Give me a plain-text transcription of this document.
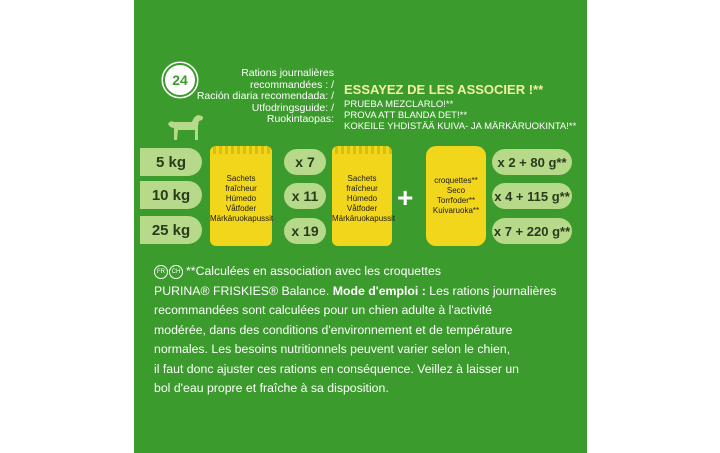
24	Rations journalières
recommandées : /
Ración diaria recomendada: /
Utfodringsguide: /
Ruokintaopas:
ESSAYEZ DE LES ASSOCIER !**
PRUEBA MEZCLARLO!**
PROVA ATT BLANDA DET!**
KOKEILE YHDISTÄÄ KUIVA- JA MÄRKÄRUOKINTA!**
5 kg
10 kg
25 kg
Sachets fraîcheur
Húmedo
Våtfoder
Märkäruokapussit
x 7
x 11
x 19
Sachets fraîcheur
Húmedo
Våtfoder
Märkäruokapussit
+
croquettes**
Seco
Torrfoder**
Kuivaruoka**
x 2 + 80 g**
x 4 + 115 g**
x 7 + 220 g**
FR CH **Calculées en association avec les croquettes
PURINA® FRISKIES® Balance. Mode d'emploi : Les rations journalières
recommandées sont calculées pour un chien adulte à l'activité
modérée, dans des conditions d'environnement et de température
normales. Les besoins nutritionnels peuvent varier selon le chien,
il faut donc ajuster ces rations en conséquence. Veillez à laisser un
bol d'eau propre et fraîche à sa disposition.
